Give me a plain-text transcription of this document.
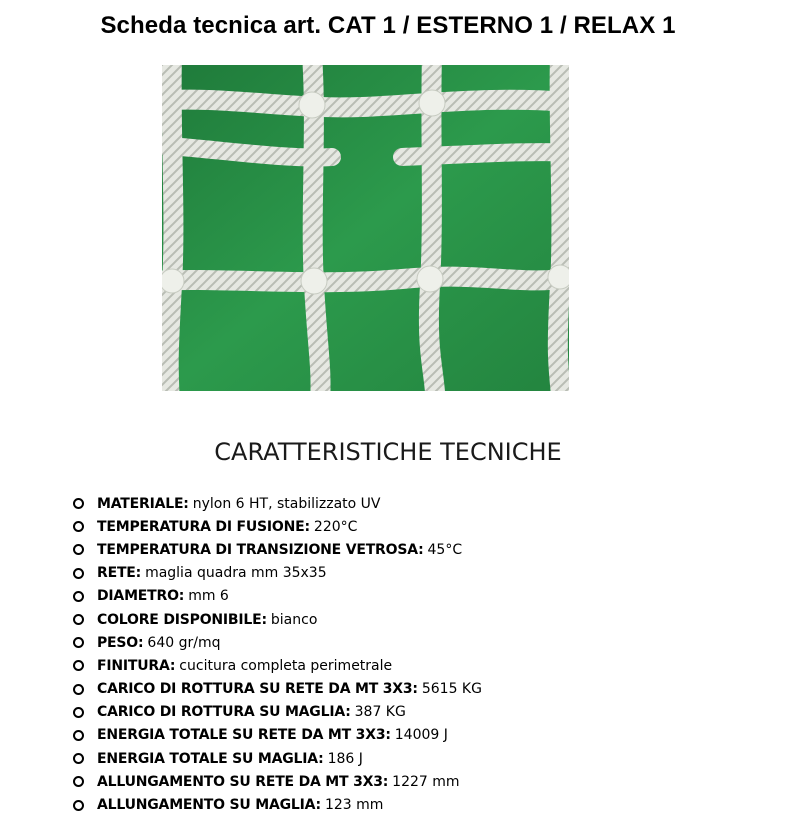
Scheda tecnica art. CAT 1 / ESTERNO 1 / RELAX 1
CARATTERISTICHE TECNICHE
MATERIALE: nylon 6 HT, stabilizzato UV
TEMPERATURA DI FUSIONE: 220°C
TEMPERATURA DI TRANSIZIONE VETROSA: 45°C
RETE: maglia quadra mm 35x35
DIAMETRO: mm 6
COLORE DISPONIBILE: bianco
PESO: 640 gr/mq
FINITURA: cucitura completa perimetrale
CARICO DI ROTTURA SU RETE DA MT 3X3: 5615 KG
CARICO DI ROTTURA SU MAGLIA: 387 KG
ENERGIA TOTALE SU RETE DA MT 3X3: 14009 J
ENERGIA TOTALE SU MAGLIA: 186 J
ALLUNGAMENTO SU RETE DA MT 3X3: 1227 mm
ALLUNGAMENTO SU MAGLIA: 123 mm
